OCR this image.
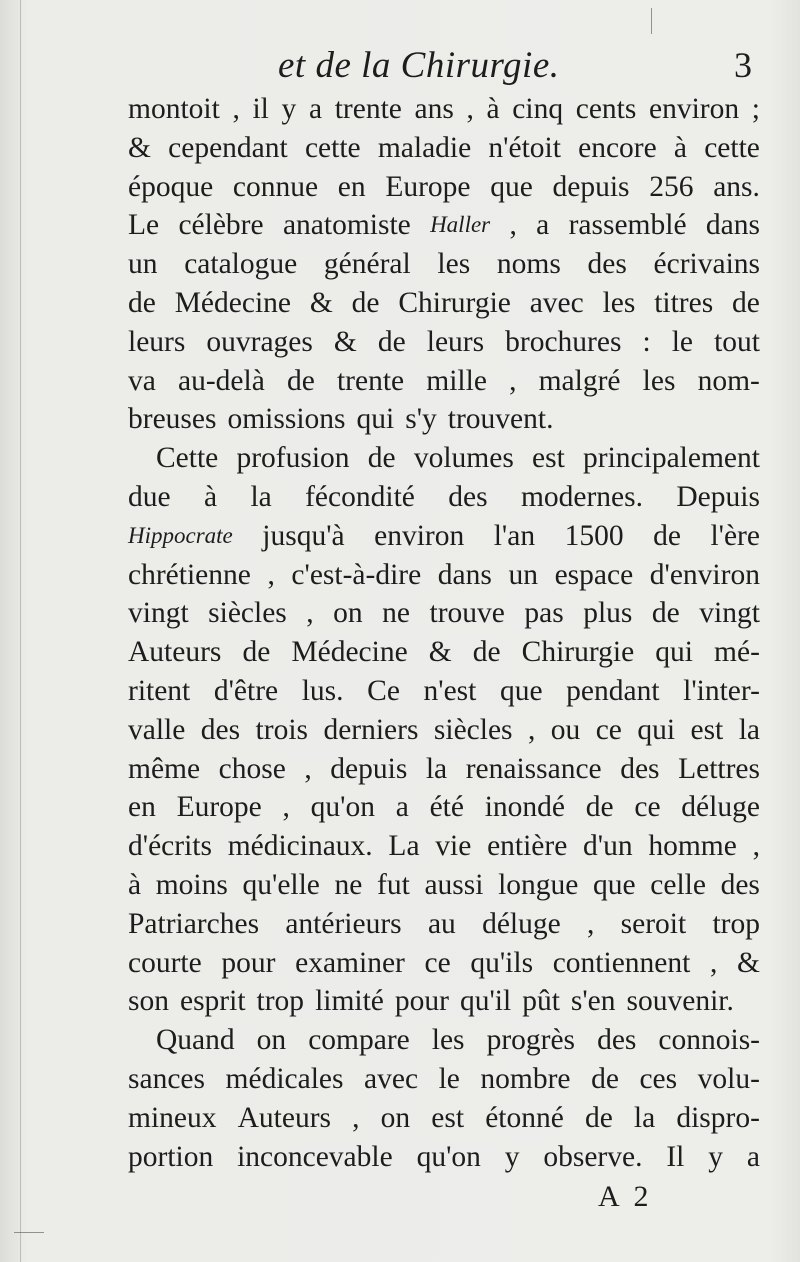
et de la Chirurgie.	3
montoit , il y a trente ans , à cinq cents environ ;
& cependant cette maladie n'étoit encore à cette
époque connue en Europe que depuis 256 ans.
Le célèbre anatomiste Haller , a rassemblé dans
un catalogue général les noms des écrivains
de Médecine & de Chirurgie avec les titres de
leurs ouvrages & de leurs brochures : le tout
va au-delà de trente mille , malgré les nom-
breuses omissions qui s'y trouvent.
Cette profusion de volumes est principalement
due à la fécondité des modernes. Depuis
Hippocrate jusqu'à environ l'an 1500 de l'ère
chrétienne , c'est-à-dire dans un espace d'environ
vingt siècles , on ne trouve pas plus de vingt
Auteurs de Médecine & de Chirurgie qui mé-
ritent d'être lus. Ce n'est que pendant l'inter-
valle des trois derniers siècles , ou ce qui est la
même chose , depuis la renaissance des Lettres
en Europe , qu'on a été inondé de ce déluge
d'écrits médicinaux. La vie entière d'un homme ,
à moins qu'elle ne fut aussi longue que celle des
Patriarches antérieurs au déluge , seroit trop
courte pour examiner ce qu'ils contiennent , &
son esprit trop limité pour qu'il pût s'en souvenir.
Quand on compare les progrès des connois-
sances médicales avec le nombre de ces volu-
mineux Auteurs , on est étonné de la dispro-
portion inconcevable qu'on y observe. Il y a
A 2
